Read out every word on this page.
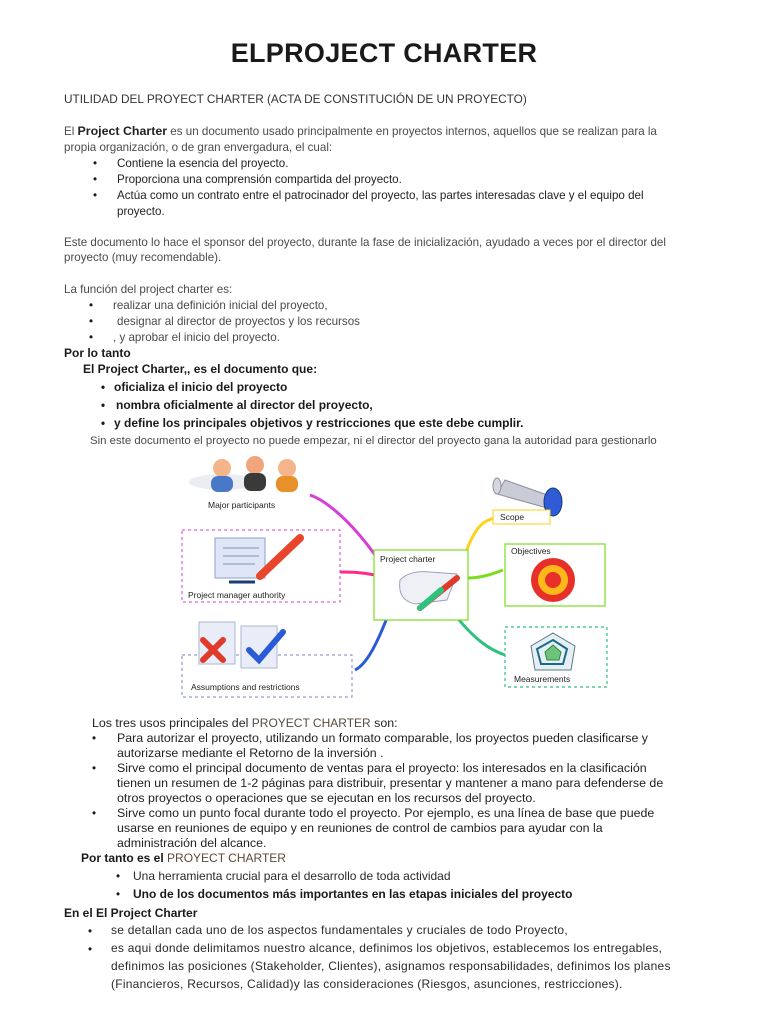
ELPROJECT CHARTER
UTILIDAD DEL PROYECT CHARTER (ACTA DE CONSTITUCIÓN DE UN PROYECTO)
El Project Charter es un documento usado principalmente en proyectos internos, aquellos que se realizan para la
propia organización, o de gran envergadura, el cual:
• Contiene la esencia del proyecto.
• Proporciona una comprensión compartida del proyecto.
• Actúa como un contrato entre el patrocinador del proyecto, las partes interesadas clave y el equipo del
proyecto.
Este documento lo hace el sponsor del proyecto, durante la fase de inicialización, ayudado a veces por el director del
proyecto (muy recomendable).
La función del project charter es:
• realizar una definición inicial del proyecto,
• designar al director de proyectos y los recursos
• , y aprobar el inicio del proyecto.
Por lo tanto
El Project Charter,, es el documento que:
• oficializa el inicio del proyecto
• nombra oficialmente al director del proyecto,
• y define los principales objetivos y restricciones que este debe cumplir.
Sin este documento el proyecto no puede empezar, ni el director del proyecto gana la autoridad para gestionarlo
Major participants
Project manager authority
Assumptions and restrictions
Project charter
Scope
Objectives
Measurements
Los tres usos principales del PROYECT CHARTER son:
• Para autorizar el proyecto, utilizando un formato comparable, los proyectos pueden clasificarse y
autorizarse mediante el Retorno de la inversión .
• Sirve como el principal documento de ventas para el proyecto: los interesados en la clasificación
tienen un resumen de 1-2 páginas para distribuir, presentar y mantener a mano para defenderse de
otros proyectos o operaciones que se ejecutan en los recursos del proyecto.
• Sirve como un punto focal durante todo el proyecto. Por ejemplo, es una línea de base que puede
usarse en reuniones de equipo y en reuniones de control de cambios para ayudar con la
administración del alcance.
Por tanto es el PROYECT CHARTER
• Una herramienta crucial para el desarrollo de toda actividad
• Uno de los documentos más importantes en las etapas iniciales del proyecto
En el El Project Charter
• se detallan cada uno de los aspectos fundamentales y cruciales de todo Proyecto,
• es aqui donde delimitamos nuestro alcance, definimos los objetivos, establecemos los entregables,
definimos las posiciones (Stakeholder, Clientes), asignamos responsabilidades, definimos los planes
(Financieros, Recursos, Calidad)y las consideraciones (Riesgos, asunciones, restricciones).
